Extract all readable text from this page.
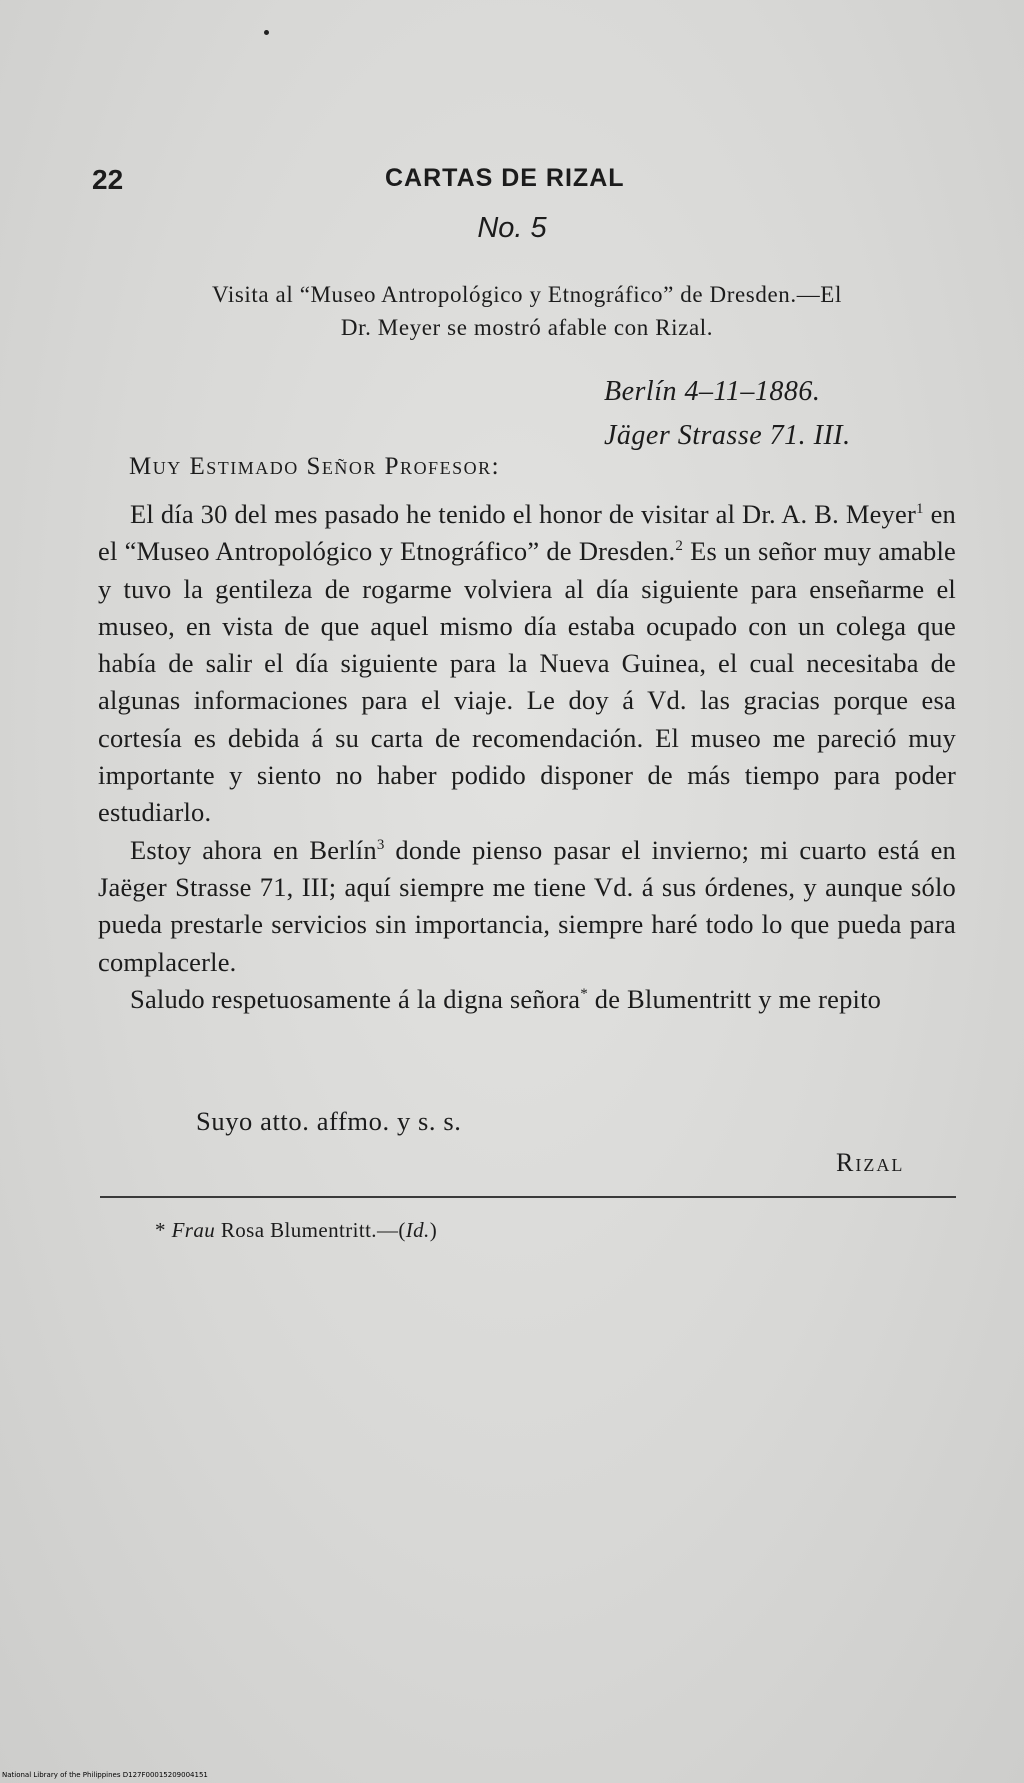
22	CARTAS DE RIZAL
No. 5
Visita al “Museo Antropológico y Etnográfico” de Dresden.—El
Dr. Meyer se mostró afable con Rizal.
Berlín 4–11–1886.
Jäger Strasse 71. III.
Muy Estimado Señor Profesor:

El día 30 del mes pasado he tenido el honor de visitar al Dr. A. B. Meyer$^1$ en el “Museo Antropológico y Etnográfico” de Dresden.$^2$ Es un señor muy amable y tuvo la gentileza de rogarme volviera al día siguiente para enseñarme el museo, en vista de que aquel mismo día estaba ocupado con un colega que había de salir el día siguiente para la Nueva Guinea, el cual necesitaba de algunas informaciones para el viaje. Le doy á Vd. las gracias porque esa cortesía es debida á su carta de recomendación. El museo me pareció muy importante y siento no haber podido disponer de más tiempo para poder estudiarlo.

Estoy ahora en Berlín$^3$ donde pienso pasar el invierno; mi cuarto está en Jaëger Strasse 71, III; aquí siempre me tiene Vd. á sus órdenes, y aunque sólo pueda prestarle servicios sin importancia, siempre haré todo lo que pueda para complacerle.

Saludo respetuosamente á la digna señora* de Blumentritt y me repito

Suyo atto. affmo. y s. s.
Rizal
* Frau Rosa Blumentritt.—(Id.)
National Library of the Philippines D127F00015209004151
